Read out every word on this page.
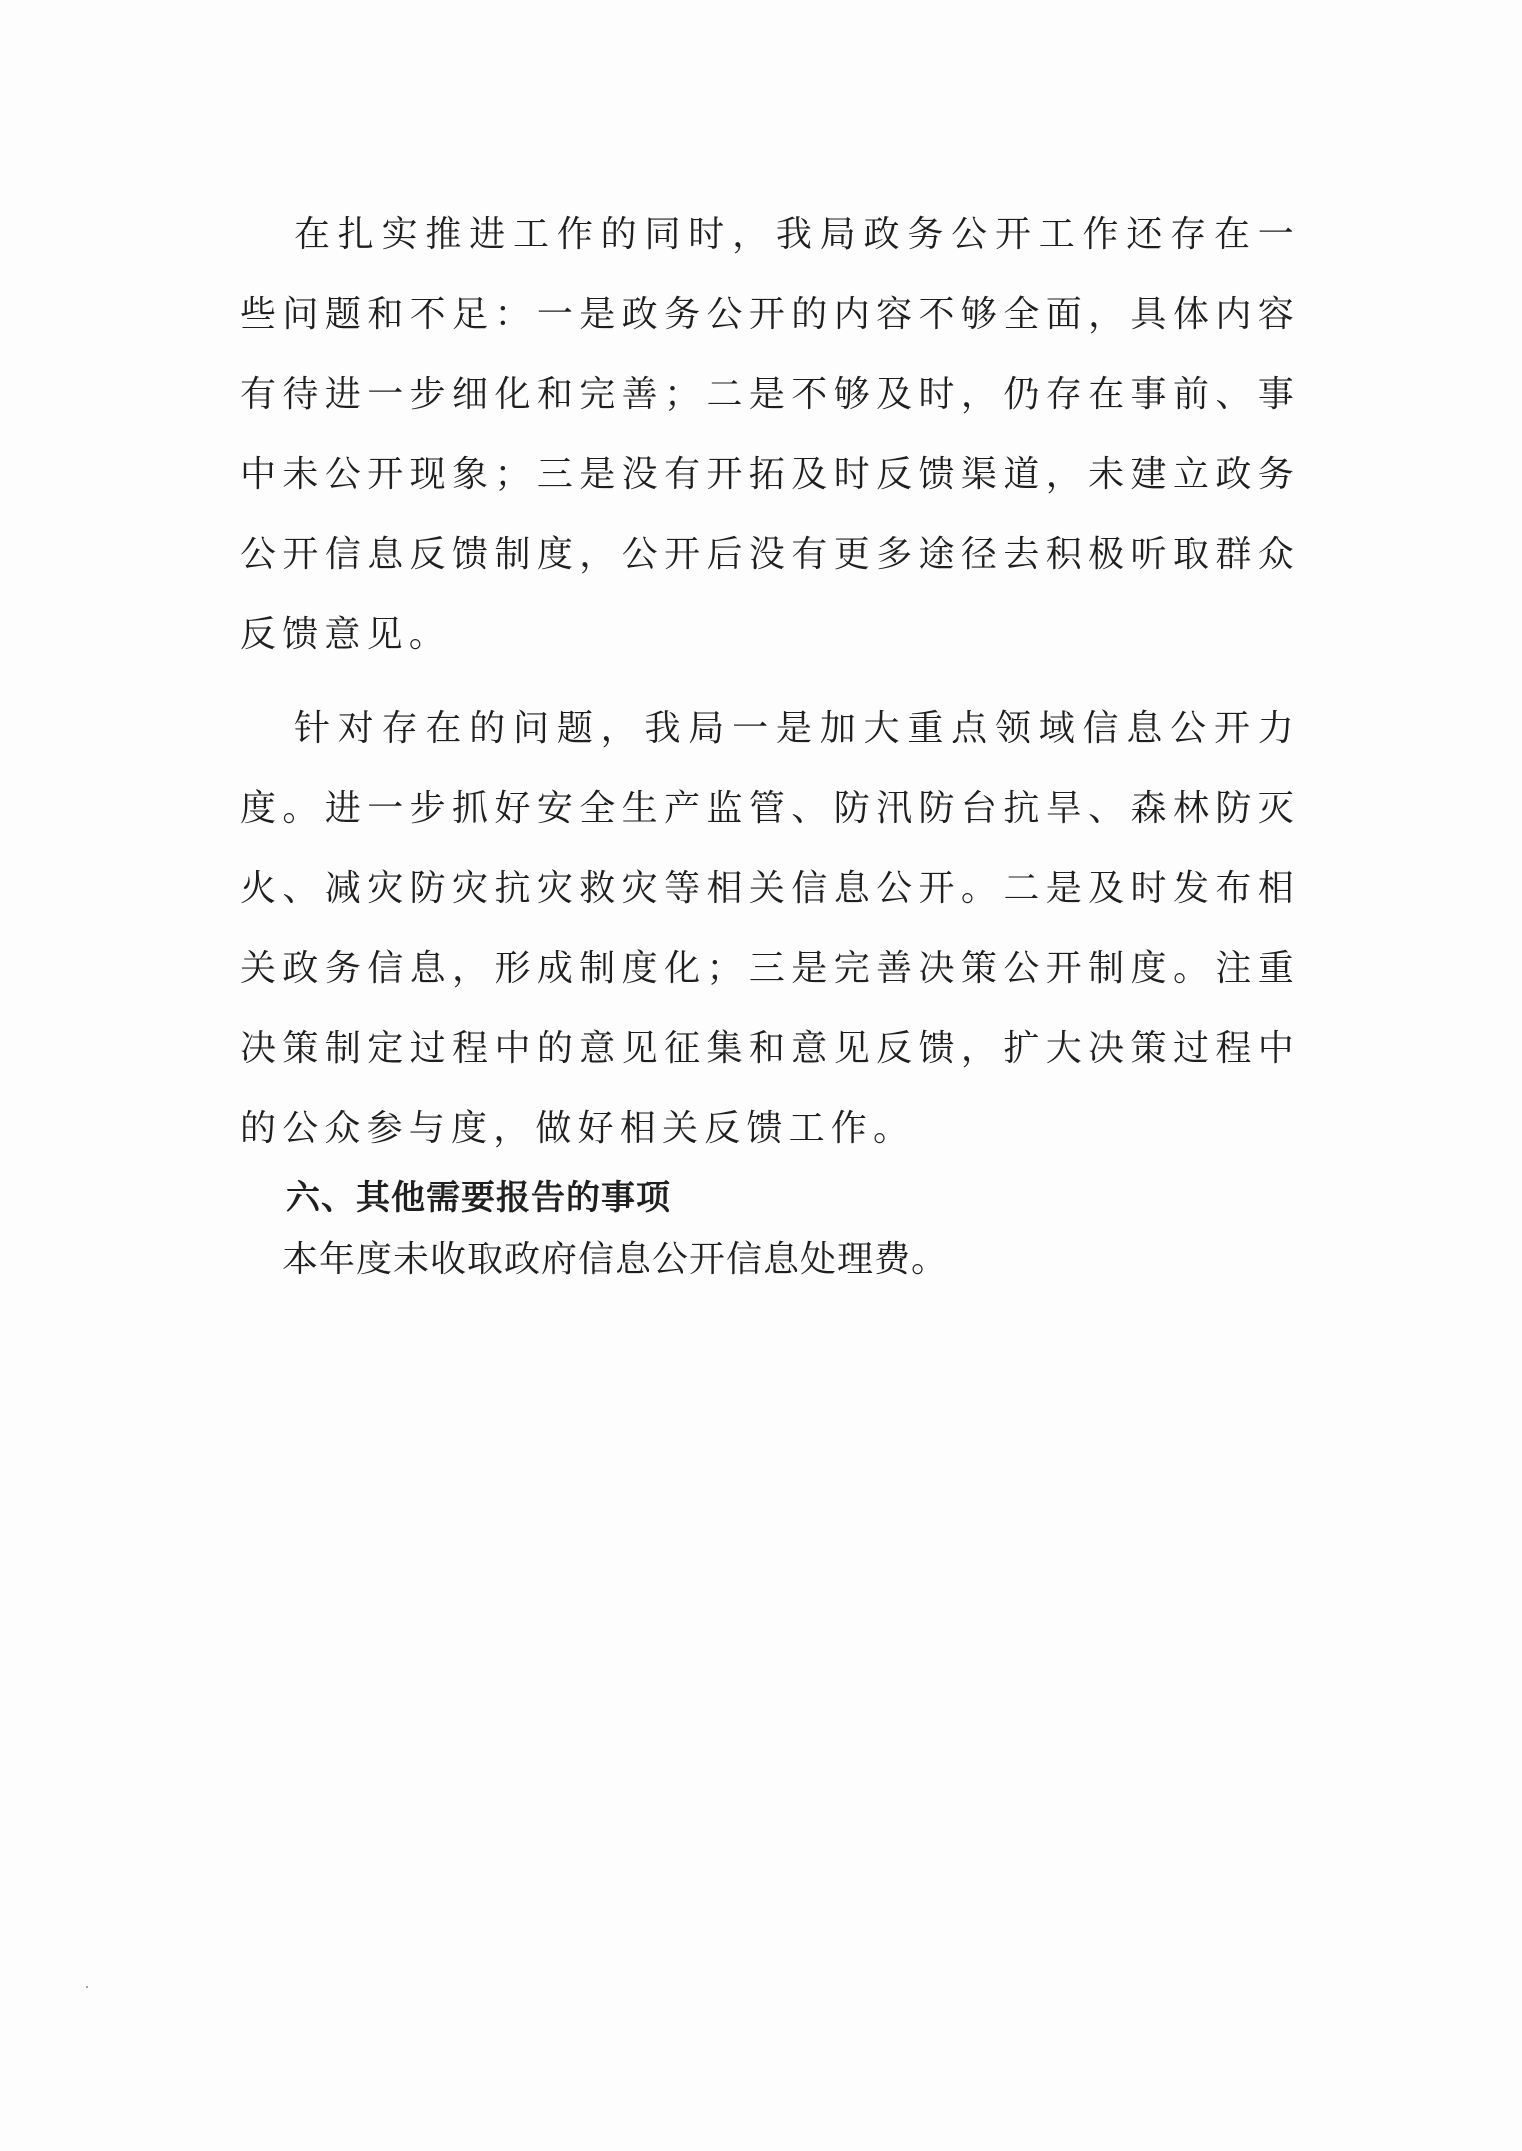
在扎实推进工作的同时，我局政务公开工作还存在一些问题和不足：一是政务公开的内容不够全面，具体内容有待进一步细化和完善；二是不够及时，仍存在事前、事中未公开现象；三是没有开拓及时反馈渠道，未建立政务公开信息反馈制度，公开后没有更多途径去积极听取群众反馈意见。

针对存在的问题，我局一是加大重点领域信息公开力度。进一步抓好安全生产监管、防汛防台抗旱、森林防灭火、减灾防灾抗灾救灾等相关信息公开。二是及时发布相关政务信息，形成制度化；三是完善决策公开制度。注重决策制定过程中的意见征集和意见反馈，扩大决策过程中的公众参与度，做好相关反馈工作。

六、其他需要报告的事项

本年度未收取政府信息公开信息处理费。
